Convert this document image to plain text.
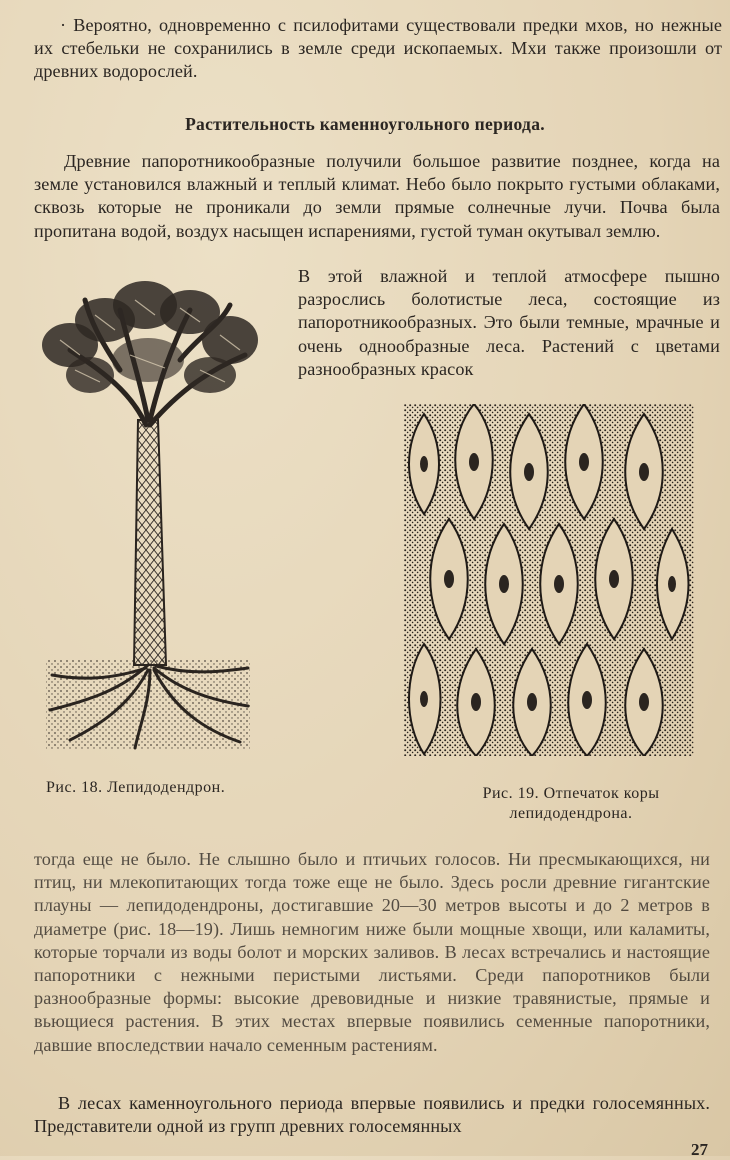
· Вероятно, одновременно с псилофитами существовали предки мхов, но нежные их стебельки не сохранились в земле среди ископаемых. Мхи также произошли от древних водорослей.

Растительность каменноугольного периода.

Древние папоротникообразные получили большое развитие позднее, когда на земле установился влажный и теплый климат. Небо было покрыто густыми облаками, сквозь которые не проникали до земли прямые солнечные лучи. Почва была пропитана водой, воздух насыщен испарениями, густой туман окутывал землю.

В этой влажной и теплой атмосфере пышно разрослись болотистые леса, состоящие из папоротникообразных. Это были темные, мрачные и очень однообразные леса. Растений с цветами разнообразных красок

Рис. 18. Лепидодендрон.	Рис. 19. Отпечаток коры
лепидодендрона.

тогда еще не было. Не слышно было и птичьих голосов. Ни пресмыкающихся, ни птиц, ни млекопитающих тогда тоже еще не было. Здесь росли древние гигантские плауны — лепидодендроны, достигавшие 20—30 метров высоты и до 2 метров в диаметре (рис. 18—19). Лишь немногим ниже были мощные хвощи, или каламиты, которые торчали из воды болот и морских заливов. В лесах встречались и настоящие папоротники с нежными перистыми листьями. Среди папоротников были разнообразные формы: высокие древовидные и низкие травянистые, прямые и вьющиеся растения. В этих местах впервые появились семенные папоротники, давшие впоследствии начало семенным растениям.

В лесах каменноугольного периода впервые появились и предки голосемянных. Представители одной из групп древних голосемянных

27
